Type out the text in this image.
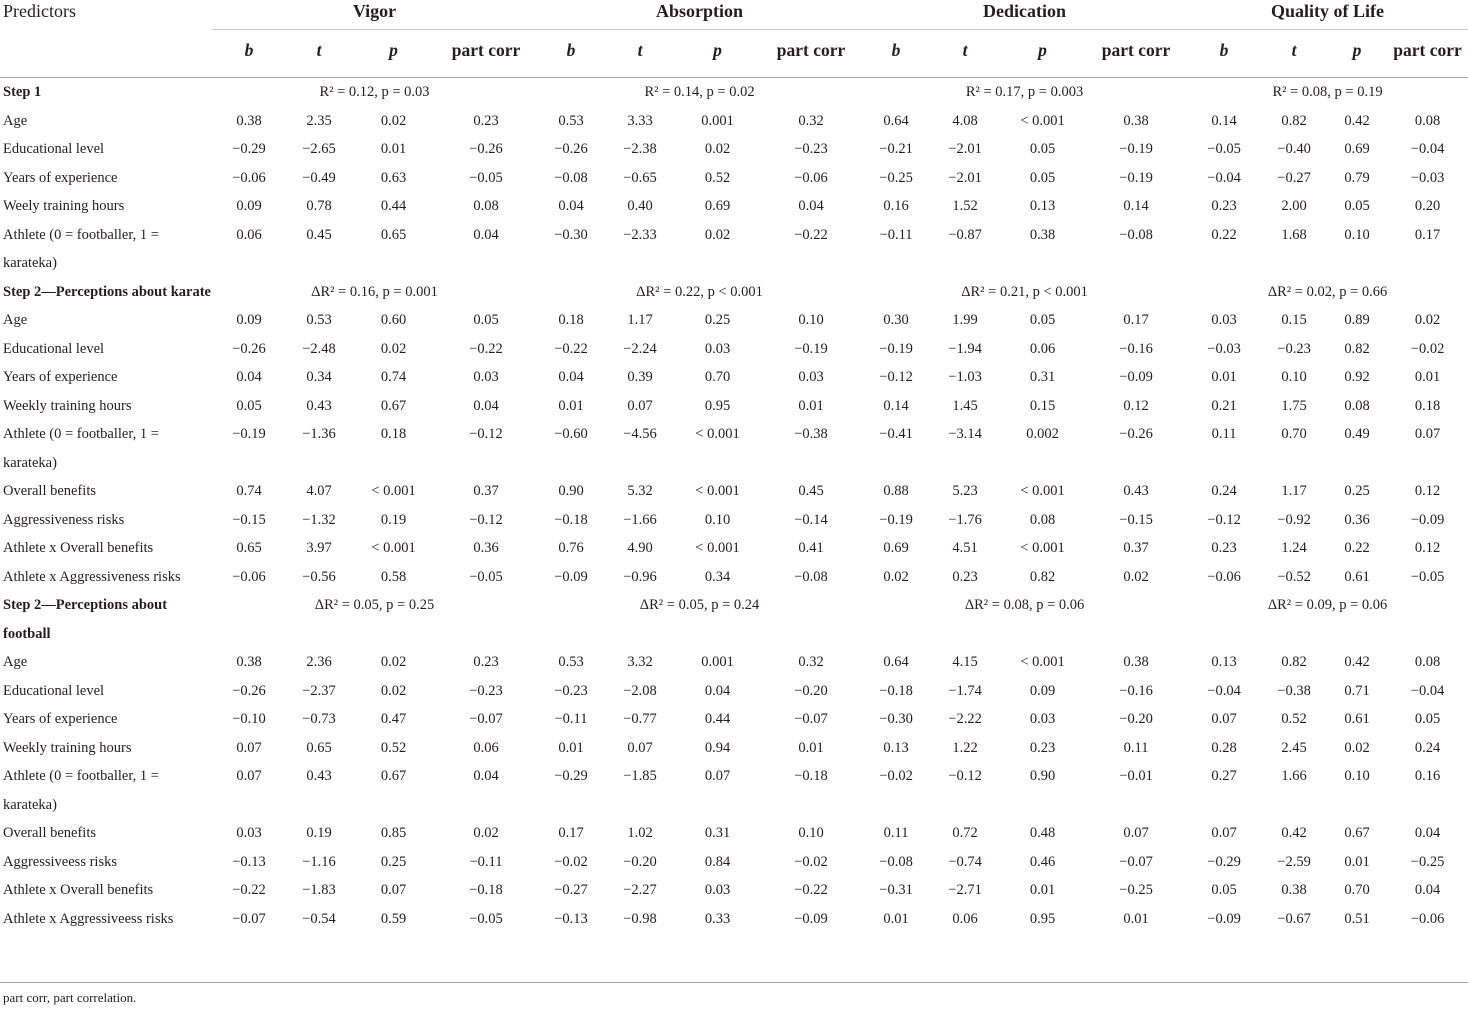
Predictors	Vigor				Absorption				Dedication				Quality of Life			
	b	t	p	part corr	b	t	p	part corr	b	t	p	part corr	b	t	p	part corr

Step 1	R² = 0.12, p = 0.03				R² = 0.14, p = 0.02				R² = 0.17, p = 0.003				R² = 0.08, p = 0.19			
Age	0.38	2.35	0.02	0.23	0.53	3.33	0.001	0.32	0.64	4.08	< 0.001	0.38	0.14	0.82	0.42	0.08
Educational level	−0.29	−2.65	0.01	−0.26	−0.26	−2.38	0.02	−0.23	−0.21	−2.01	0.05	−0.19	−0.05	−0.40	0.69	−0.04
Years of experience	−0.06	−0.49	0.63	−0.05	−0.08	−0.65	0.52	−0.06	−0.25	−2.01	0.05	−0.19	−0.04	−0.27	0.79	−0.03
Weely training hours	0.09	0.78	0.44	0.08	0.04	0.40	0.69	0.04	0.16	1.52	0.13	0.14	0.23	2.00	0.05	0.20
Athlete (0 = footballer, 1 = karateka)	0.06	0.45	0.65	0.04	−0.30	−2.33	0.02	−0.22	−0.11	−0.87	0.38	−0.08	0.22	1.68	0.10	0.17
Step 2—Perceptions about karate	ΔR² = 0.16, p = 0.001				ΔR² = 0.22, p < 0.001				ΔR² = 0.21, p < 0.001				ΔR² = 0.02, p = 0.66			
Age	0.09	0.53	0.60	0.05	0.18	1.17	0.25	0.10	0.30	1.99	0.05	0.17	0.03	0.15	0.89	0.02
Educational level	−0.26	−2.48	0.02	−0.22	−0.22	−2.24	0.03	−0.19	−0.19	−1.94	0.06	−0.16	−0.03	−0.23	0.82	−0.02
Years of experience	0.04	0.34	0.74	0.03	0.04	0.39	0.70	0.03	−0.12	−1.03	0.31	−0.09	0.01	0.10	0.92	0.01
Weekly training hours	0.05	0.43	0.67	0.04	0.01	0.07	0.95	0.01	0.14	1.45	0.15	0.12	0.21	1.75	0.08	0.18
Athlete (0 = footballer, 1 = karateka)	−0.19	−1.36	0.18	−0.12	−0.60	−4.56	< 0.001	−0.38	−0.41	−3.14	0.002	−0.26	0.11	0.70	0.49	0.07
Overall benefits	0.74	4.07	< 0.001	0.37	0.90	5.32	< 0.001	0.45	0.88	5.23	< 0.001	0.43	0.24	1.17	0.25	0.12
Aggressiveness risks	−0.15	−1.32	0.19	−0.12	−0.18	−1.66	0.10	−0.14	−0.19	−1.76	0.08	−0.15	−0.12	−0.92	0.36	−0.09
Athlete x Overall benefits	0.65	3.97	< 0.001	0.36	0.76	4.90	< 0.001	0.41	0.69	4.51	< 0.001	0.37	0.23	1.24	0.22	0.12
Athlete x Aggressiveness risks	−0.06	−0.56	0.58	−0.05	−0.09	−0.96	0.34	−0.08	0.02	0.23	0.82	0.02	−0.06	−0.52	0.61	−0.05
Step 2—Perceptions about football	ΔR² = 0.05, p = 0.25				ΔR² = 0.05, p = 0.24				ΔR² = 0.08, p = 0.06				ΔR² = 0.09, p = 0.06			
Age	0.38	2.36	0.02	0.23	0.53	3.32	0.001	0.32	0.64	4.15	< 0.001	0.38	0.13	0.82	0.42	0.08
Educational level	−0.26	−2.37	0.02	−0.23	−0.23	−2.08	0.04	−0.20	−0.18	−1.74	0.09	−0.16	−0.04	−0.38	0.71	−0.04
Years of experience	−0.10	−0.73	0.47	−0.07	−0.11	−0.77	0.44	−0.07	−0.30	−2.22	0.03	−0.20	0.07	0.52	0.61	0.05
Weekly training hours	0.07	0.65	0.52	0.06	0.01	0.07	0.94	0.01	0.13	1.22	0.23	0.11	0.28	2.45	0.02	0.24
Athlete (0 = footballer, 1 = karateka)	0.07	0.43	0.67	0.04	−0.29	−1.85	0.07	−0.18	−0.02	−0.12	0.90	−0.01	0.27	1.66	0.10	0.16
Overall benefits	0.03	0.19	0.85	0.02	0.17	1.02	0.31	0.10	0.11	0.72	0.48	0.07	0.07	0.42	0.67	0.04
Aggressiveess risks	−0.13	−1.16	0.25	−0.11	−0.02	−0.20	0.84	−0.02	−0.08	−0.74	0.46	−0.07	−0.29	−2.59	0.01	−0.25
Athlete x Overall benefits	−0.22	−1.83	0.07	−0.18	−0.27	−2.27	0.03	−0.22	−0.31	−2.71	0.01	−0.25	0.05	0.38	0.70	0.04
Athlete x Aggressiveess risks	−0.07	−0.54	0.59	−0.05	−0.13	−0.98	0.33	−0.09	0.01	0.06	0.95	0.01	−0.09	−0.67	0.51	−0.06
part corr, part correlation.
